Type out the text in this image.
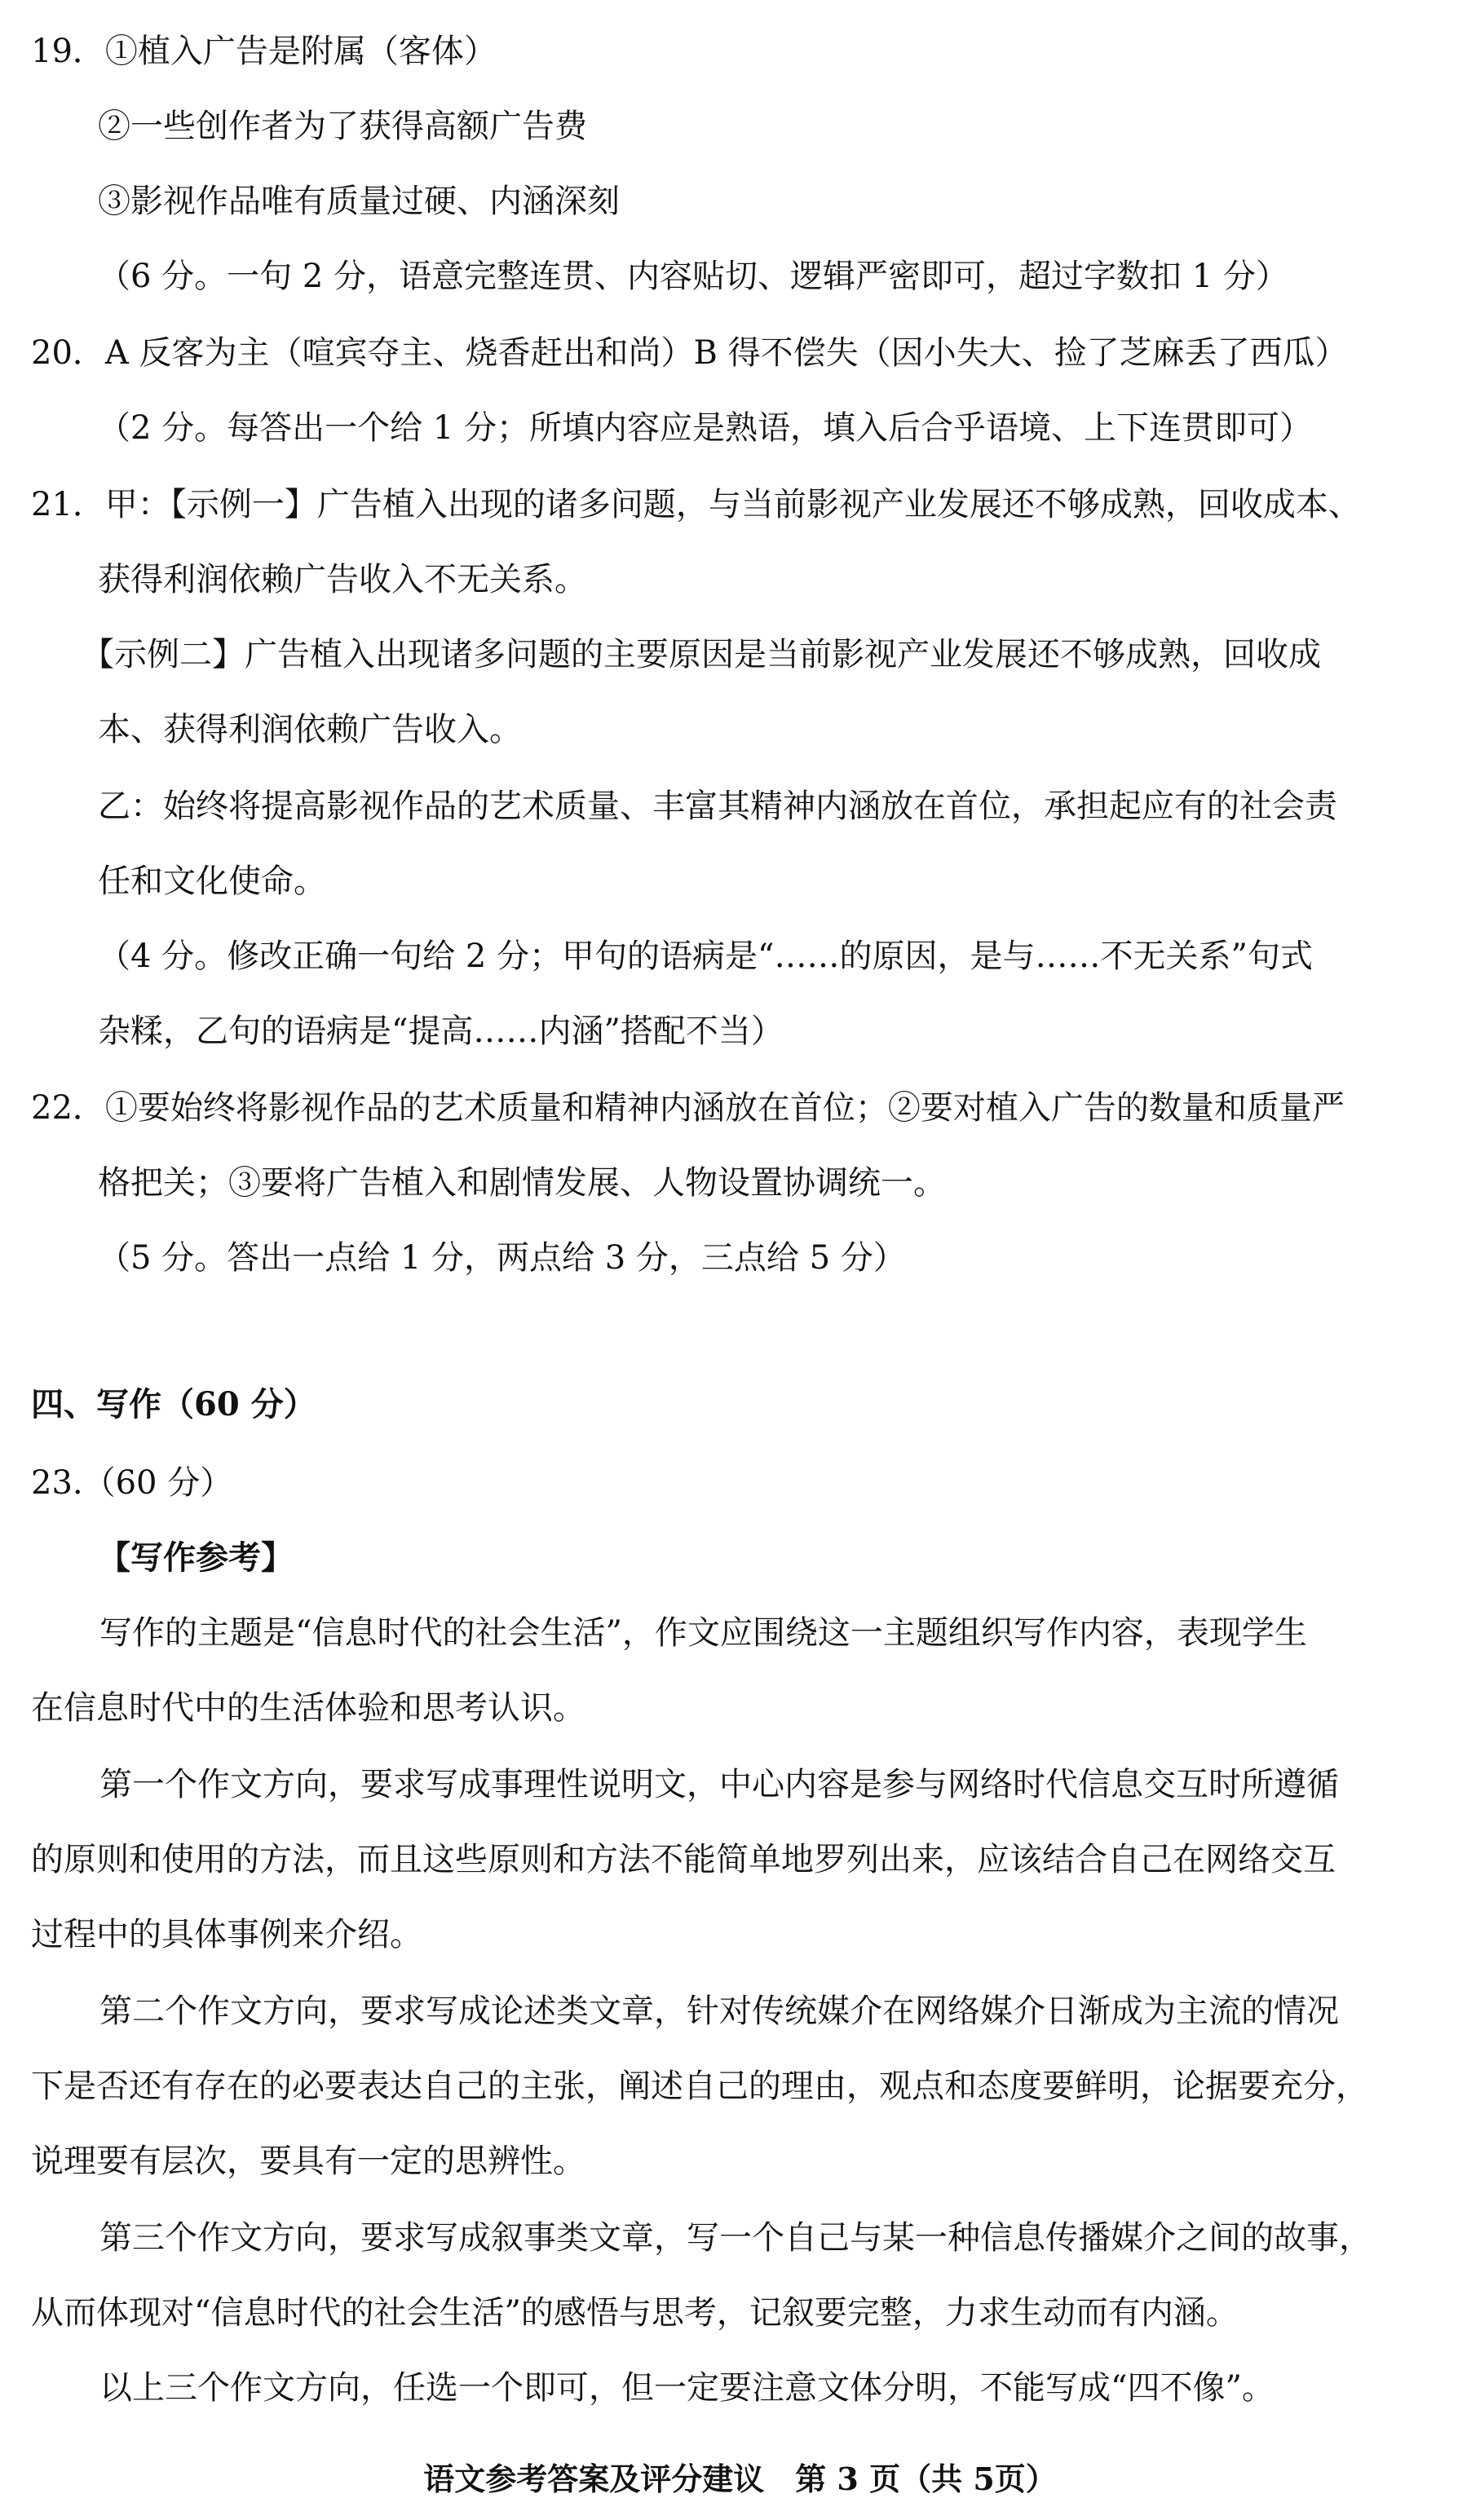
19．①植入广告是附属（客体）
②一些创作者为了获得高额广告费
③影视作品唯有质量过硬、内涵深刻
（6 分。一句 2 分，语意完整连贯、内容贴切、逻辑严密即可，超过字数扣 1 分）
20．A 反客为主（喧宾夺主、烧香赶出和尚）B 得不偿失（因小失大、捡了芝麻丢了西瓜）
（2 分。每答出一个给 1 分；所填内容应是熟语，填入后合乎语境、上下连贯即可）
21．甲：【示例一】广告植入出现的诸多问题，与当前影视产业发展还不够成熟，回收成本、
获得利润依赖广告收入不无关系。
【示例二】广告植入出现诸多问题的主要原因是当前影视产业发展还不够成熟，回收成
本、获得利润依赖广告收入。
乙：始终将提高影视作品的艺术质量、丰富其精神内涵放在首位，承担起应有的社会责
任和文化使命。
（4 分。修改正确一句给 2 分；甲句的语病是“……的原因，是与……不无关系”句式
杂糅，乙句的语病是“提高……内涵”搭配不当）
22．①要始终将影视作品的艺术质量和精神内涵放在首位；②要对植入广告的数量和质量严
格把关；③要将广告植入和剧情发展、人物设置协调统一。
（5 分。答出一点给 1 分，两点给 3 分，三点给 5 分）
四、写作（60 分）
23.（60 分）
【写作参考】
写作的主题是“信息时代的社会生活”，作文应围绕这一主题组织写作内容，表现学生
在信息时代中的生活体验和思考认识。
第一个作文方向，要求写成事理性说明文，中心内容是参与网络时代信息交互时所遵循
的原则和使用的方法，而且这些原则和方法不能简单地罗列出来，应该结合自己在网络交互
过程中的具体事例来介绍。
第二个作文方向，要求写成论述类文章，针对传统媒介在网络媒介日渐成为主流的情况
下是否还有存在的必要表达自己的主张，阐述自己的理由，观点和态度要鲜明，论据要充分，
说理要有层次，要具有一定的思辨性。
第三个作文方向，要求写成叙事类文章，写一个自己与某一种信息传播媒介之间的故事，
从而体现对“信息时代的社会生活”的感悟与思考，记叙要完整，力求生动而有内涵。
以上三个作文方向，任选一个即可，但一定要注意文体分明，不能写成“四不像”。
语文参考答案及评分建议　第 3 页（共 5页）
